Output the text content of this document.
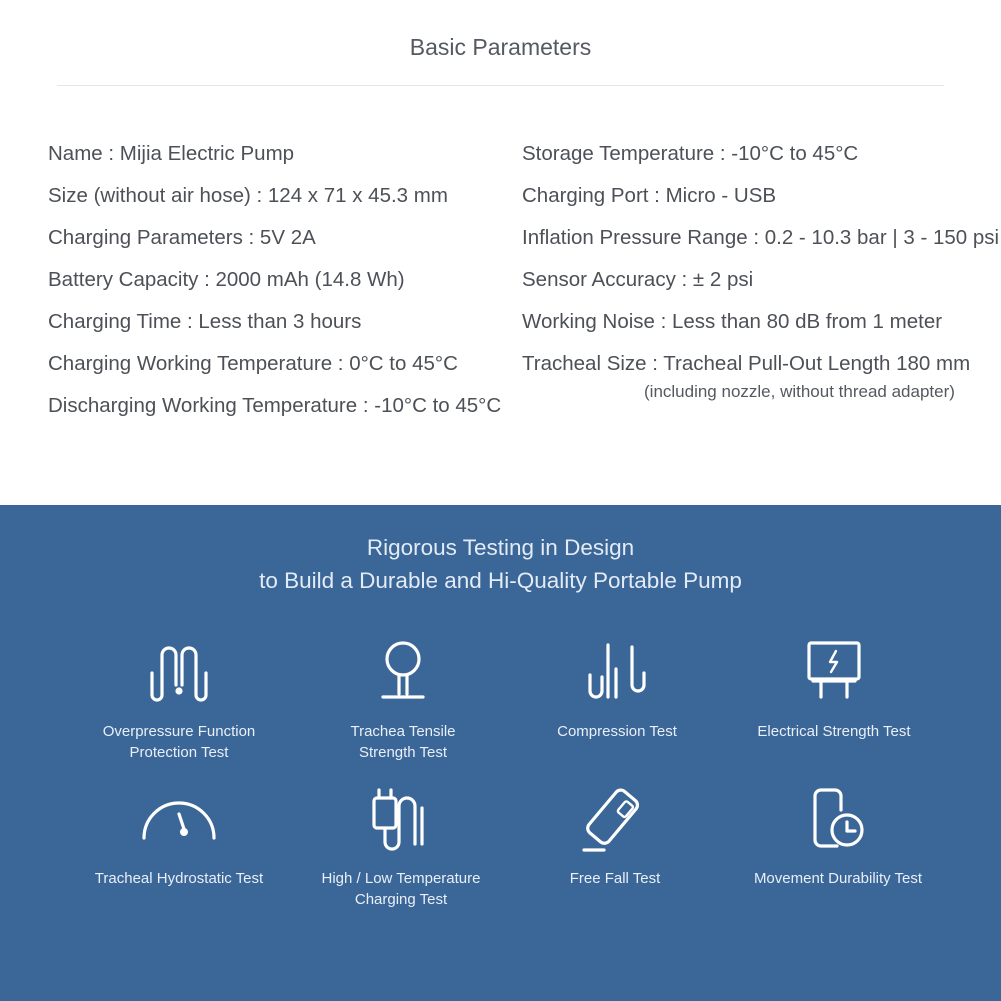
Basic Parameters
Name : Mijia Electric Pump
Size (without air hose) : 124 x 71 x 45.3 mm
Charging Parameters : 5V 2A
Battery Capacity : 2000 mAh (14.8 Wh)
Charging Time : Less than 3 hours
Charging Working Temperature : 0°C to 45°C
Discharging Working Temperature : -10°C to 45°C
Storage Temperature : -10°C to 45°C
Charging Port : Micro - USB
Inflation Pressure Range : 0.2 - 10.3 bar | 3 - 150 psi
Sensor Accuracy : ± 2 psi
Working Noise : Less than 80 dB from 1 meter
Tracheal Size : Tracheal Pull-Out Length 180 mm
(including nozzle, without thread adapter)
Rigorous Testing in Design
to Build a Durable and Hi-Quality Portable Pump
Overpressure Function
Protection Test
Trachea Tensile
Strength Test
Compression Test	Electrical Strength Test
Tracheal Hydrostatic Test	High / Low Temperature
Charging Test
Free Fall Test	Movement Durability Test
